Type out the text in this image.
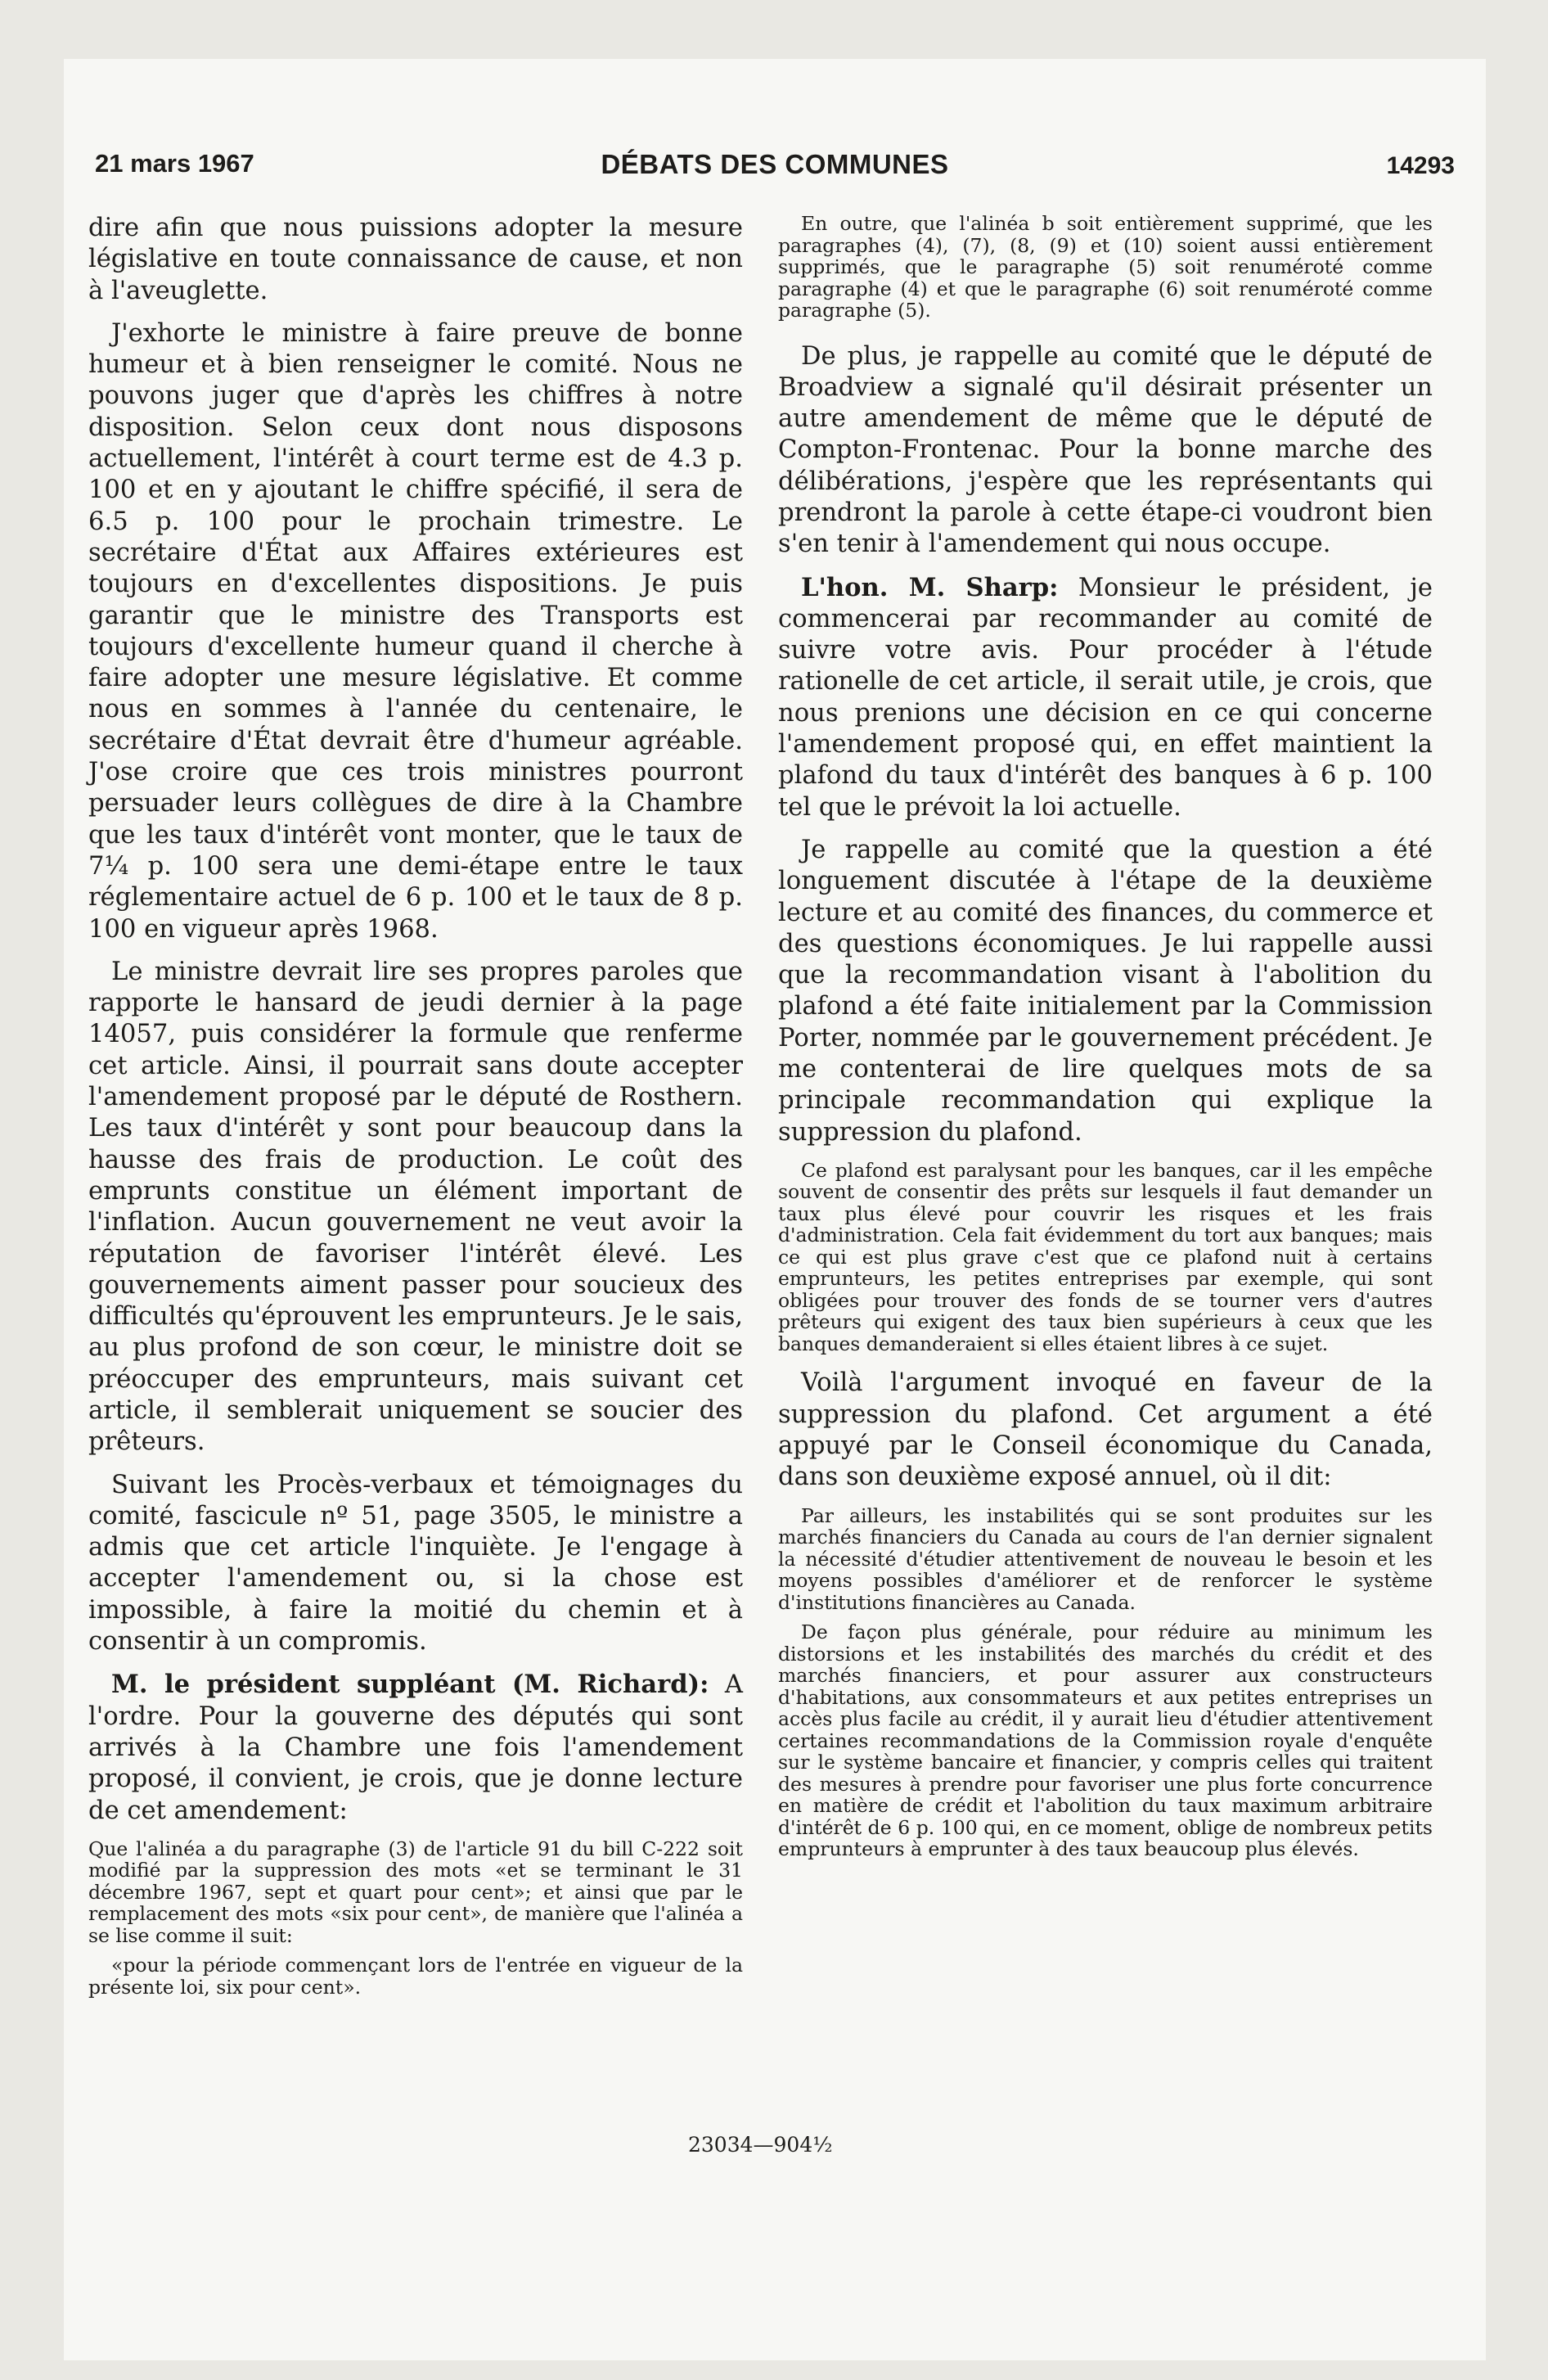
21 mars 1967	DÉBATS DES COMMUNES	14293

dire afin que nous puissions adopter la mesure législative en toute connaissance de cause, et non à l'aveuglette.

J'exhorte le ministre à faire preuve de bonne humeur et à bien renseigner le comité. Nous ne pouvons juger que d'après les chiffres à notre disposition. Selon ceux dont nous disposons actuellement, l'intérêt à court terme est de 4.3 p. 100 et en y ajoutant le chiffre spécifié, il sera de 6.5 p. 100 pour le prochain trimestre. Le secrétaire d'État aux Affaires extérieures est toujours en d'excellentes dispositions. Je puis garantir que le ministre des Transports est toujours d'excellente humeur quand il cherche à faire adopter une mesure législative. Et comme nous en sommes à l'année du centenaire, le secrétaire d'État devrait être d'humeur agréable. J'ose croire que ces trois ministres pourront persuader leurs collègues de dire à la Chambre que les taux d'intérêt vont monter, que le taux de 7¼ p. 100 sera une demi-étape entre le taux réglementaire actuel de 6 p. 100 et le taux de 8 p. 100 en vigueur après 1968.

Le ministre devrait lire ses propres paroles que rapporte le hansard de jeudi dernier à la page 14057, puis considérer la formule que renferme cet article. Ainsi, il pourrait sans doute accepter l'amendement proposé par le député de Rosthern. Les taux d'intérêt y sont pour beaucoup dans la hausse des frais de production. Le coût des emprunts constitue un élément important de l'inflation. Aucun gouvernement ne veut avoir la réputation de favoriser l'intérêt élevé. Les gouvernements aiment passer pour soucieux des difficultés qu'éprouvent les emprunteurs. Je le sais, au plus profond de son cœur, le ministre doit se préoccuper des emprunteurs, mais suivant cet article, il semblerait uniquement se soucier des prêteurs.

Suivant les Procès-verbaux et témoignages du comité, fascicule nº 51, page 3505, le ministre a admis que cet article l'inquiète. Je l'engage à accepter l'amendement ou, si la chose est impossible, à faire la moitié du chemin et à consentir à un compromis.

M. le président suppléant (M. Richard): A l'ordre. Pour la gouverne des députés qui sont arrivés à la Chambre une fois l'amendement proposé, il convient, je crois, que je donne lecture de cet amendement:

Que l'alinéa a du paragraphe (3) de l'article 91 du bill C-222 soit modifié par la suppression des mots «et se terminant le 31 décembre 1967, sept et quart pour cent»; et ainsi que par le remplacement des mots «six pour cent», de manière que l'alinéa a se lise comme il suit:

«pour la période commençant lors de l'entrée en vigueur de la présente loi, six pour cent».

En outre, que l'alinéa b soit entièrement supprimé, que les paragraphes (4), (7), (8, (9) et (10) soient aussi entièrement supprimés, que le paragraphe (5) soit renuméroté comme paragraphe (4) et que le paragraphe (6) soit renuméroté comme paragraphe (5).

De plus, je rappelle au comité que le député de Broadview a signalé qu'il désirait présenter un autre amendement de même que le député de Compton-Frontenac. Pour la bonne marche des délibérations, j'espère que les représentants qui prendront la parole à cette étape-ci voudront bien s'en tenir à l'amendement qui nous occupe.

L'hon. M. Sharp: Monsieur le président, je commencerai par recommander au comité de suivre votre avis. Pour procéder à l'étude rationelle de cet article, il serait utile, je crois, que nous prenions une décision en ce qui concerne l'amendement proposé qui, en effet maintient la plafond du taux d'intérêt des banques à 6 p. 100 tel que le prévoit la loi actuelle.

Je rappelle au comité que la question a été longuement discutée à l'étape de la deuxième lecture et au comité des finances, du commerce et des questions économiques. Je lui rappelle aussi que la recommandation visant à l'abolition du plafond a été faite initialement par la Commission Porter, nommée par le gouvernement précédent. Je me contenterai de lire quelques mots de sa principale recommandation qui explique la suppression du plafond.

Ce plafond est paralysant pour les banques, car il les empêche souvent de consentir des prêts sur lesquels il faut demander un taux plus élevé pour couvrir les risques et les frais d'administration. Cela fait évidemment du tort aux banques; mais ce qui est plus grave c'est que ce plafond nuit à certains emprunteurs, les petites entreprises par exemple, qui sont obligées pour trouver des fonds de se tourner vers d'autres prêteurs qui exigent des taux bien supérieurs à ceux que les banques demanderaient si elles étaient libres à ce sujet.

Voilà l'argument invoqué en faveur de la suppression du plafond. Cet argument a été appuyé par le Conseil économique du Canada, dans son deuxième exposé annuel, où il dit:

Par ailleurs, les instabilités qui se sont produites sur les marchés financiers du Canada au cours de l'an dernier signalent la nécessité d'étudier attentivement de nouveau le besoin et les moyens possibles d'améliorer et de renforcer le système d'institutions financières au Canada.

De façon plus générale, pour réduire au minimum les distorsions et les instabilités des marchés du crédit et des marchés financiers, et pour assurer aux constructeurs d'habitations, aux consommateurs et aux petites entreprises un accès plus facile au crédit, il y aurait lieu d'étudier attentivement certaines recommandations de la Commission royale d'enquête sur le système bancaire et financier, y compris celles qui traitent des mesures à prendre pour favoriser une plus forte concurrence en matière de crédit et l'abolition du taux maximum arbitraire d'intérêt de 6 p. 100 qui, en ce moment, oblige de nombreux petits emprunteurs à emprunter à des taux beaucoup plus élevés.

23034—904½
